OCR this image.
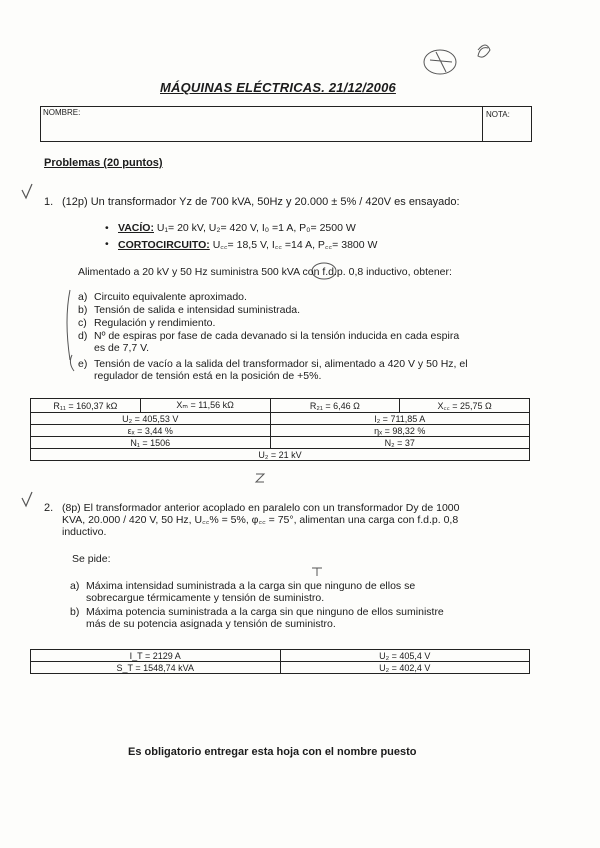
MÁQUINAS ELÉCTRICAS. 21/12/2006
NOMBRE:	NOTA:
Problemas (20 puntos)
1. (12p) Un transformador Yz de 700 kVA, 50Hz y 20.000 ± 5% / 420V es ensayado:
• VACÍO: U₁= 20 kV, U₂= 420 V, I₀ =1 A, P₀= 2500 W
• CORTOCIRCUITO: U꜀꜀= 18,5 V, I꜀꜀ =14 A, P꜀꜀= 3800 W
Alimentado a 20 kV y 50 Hz suministra 500 kVA con f.d.p. 0,8 inductivo, obtener:
a) Circuito equivalente aproximado.
b) Tensión de salida e intensidad suministrada.
c) Regulación y rendimiento.
d) Nº de espiras por fase de cada devanado si la tensión inducida en cada espira
es de 7,7 V.
e) Tensión de vacío a la salida del transformador si, alimentado a 420 V y 50 Hz, el
regulador de tensión está en la posición de +5%.
R₁₁ = 160,37 kΩ	Xₘ = 11,56 kΩ	R₂₁ = 6,46 Ω	X꜀꜀ = 25,75 Ω
U₂ = 405,53 V		I₂ = 711,85 A	
εₓ = 3,44 %		ηₓ = 98,32 %	
N₁ = 1506		N₂ = 37	
U₂ = 21 kV			
2. (8p) El transformador anterior acoplado en paralelo con un transformador Dy de 1000
KVA, 20.000 / 420 V, 50 Hz, U꜀꜀% = 5%, φ꜀꜀ = 75°, alimentan una carga con f.d.p. 0,8
inductivo.
Se pide:
a) Máxima intensidad suministrada a la carga sin que ninguno de ellos se
sobrecargue térmicamente y tensión de suministro.
b) Máxima potencia suministrada a la carga sin que ninguno de ellos suministre
más de su potencia asignada y tensión de suministro.
I_T = 2129 A	U₂ = 405,4 V
S_T = 1548,74 kVA	U₂ = 402,4 V
Es obligatorio entregar esta hoja con el nombre puesto
